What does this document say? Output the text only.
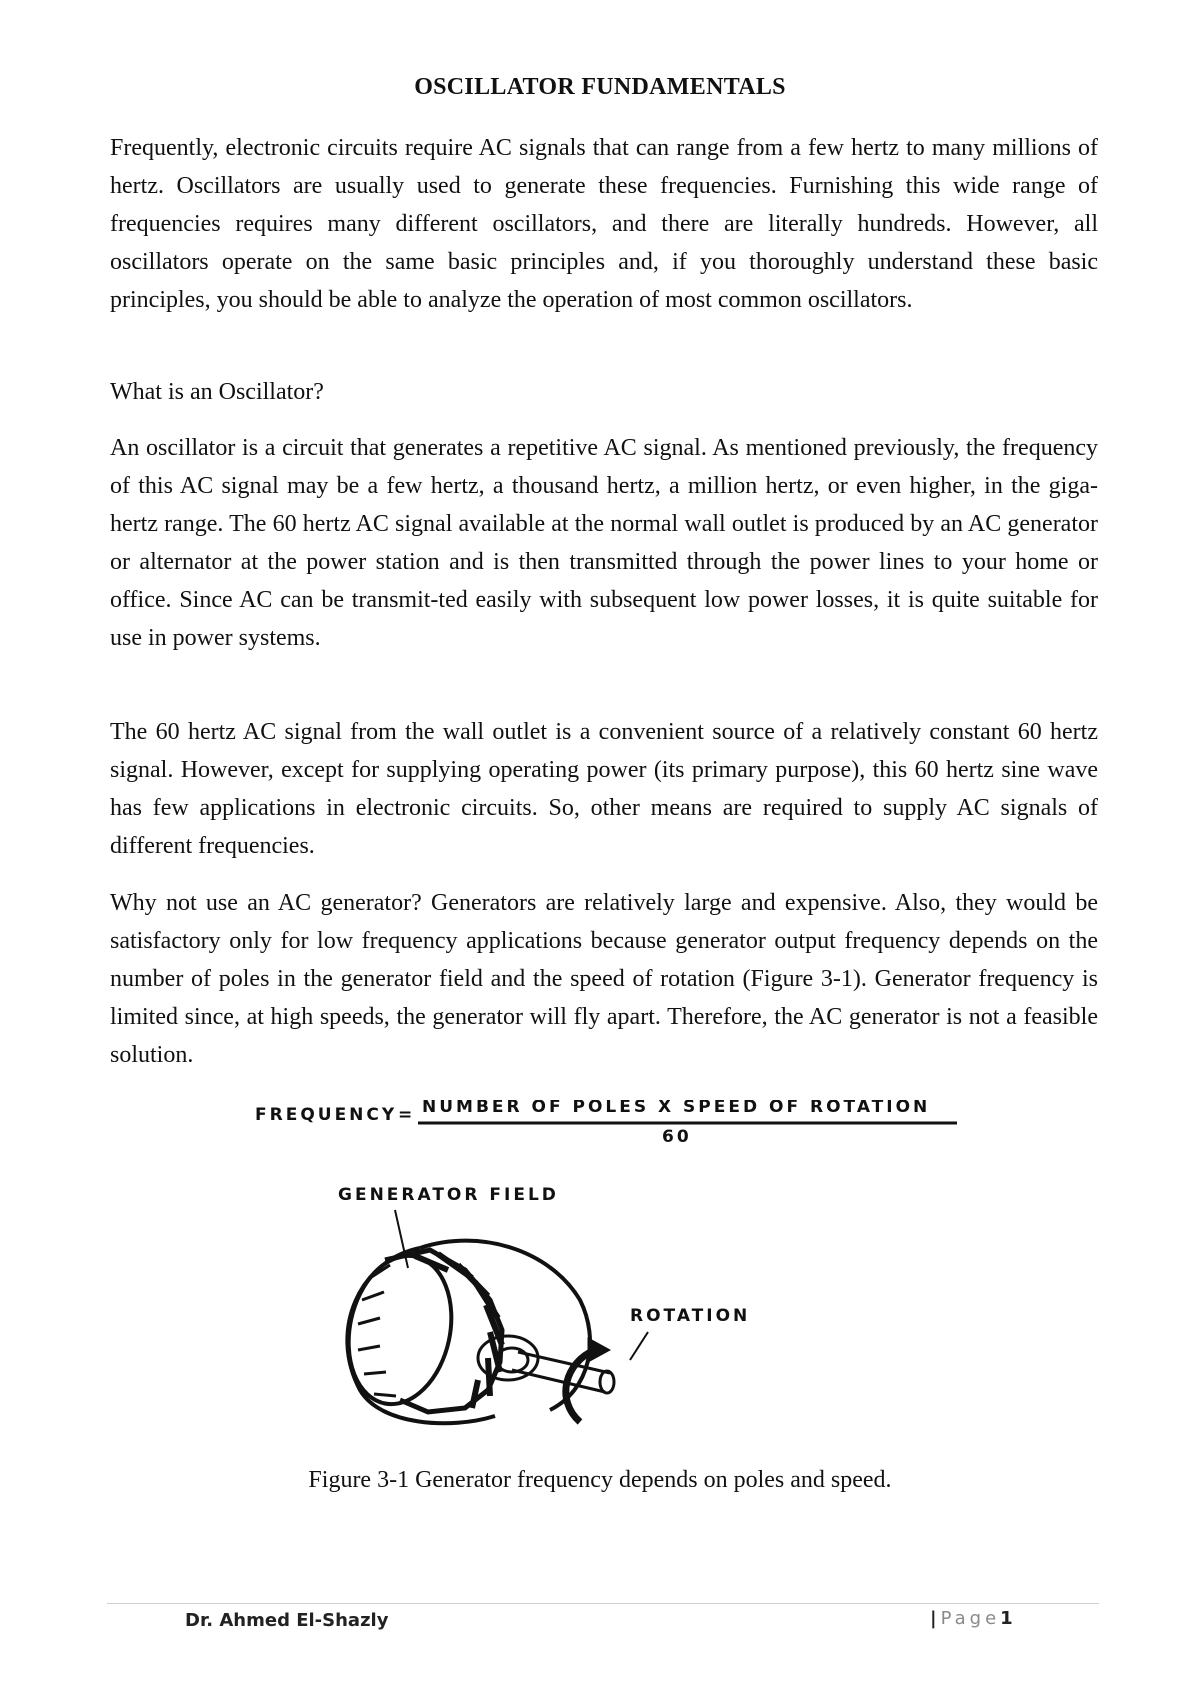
OSCILLATOR FUNDAMENTALS

Frequently, electronic circuits require AC signals that can range from a few hertz to many millions of hertz. Oscillators are usually used to generate these frequencies. Furnishing this wide range of frequencies requires many different oscillators, and there are literally hundreds. However, all oscillators operate on the same basic principles and, if you thoroughly understand these basic principles, you should be able to analyze the operation of most common oscillators.

What is an Oscillator?

An oscillator is a circuit that generates a repetitive AC signal. As mentioned previously, the frequency of this AC signal may be a few hertz, a thousand hertz, a million hertz, or even higher, in the giga-hertz range. The 60 hertz AC signal available at the normal wall outlet is produced by an AC generator or alternator at the power station and is then transmitted through the power lines to your home or office. Since AC can be transmit-ted easily with subsequent low power losses, it is quite suitable for use in power systems.

The 60 hertz AC signal from the wall outlet is a convenient source of a relatively constant 60 hertz signal. However, except for supplying operating power (its primary purpose), this 60 hertz sine wave has few applications in electronic circuits. So, other means are required to supply AC signals of different frequencies.

Why not use an AC generator? Generators are relatively large and expensive. Also, they would be satisfactory only for low frequency applications because generator output frequency depends on the number of poles in the generator field and the speed of rotation (Figure 3-1). Generator frequency is limited since, at high speeds, the generator will fly apart. Therefore, the AC generator is not a feasible solution.

FREQUENCY = NUMBER OF POLES X SPEED OF ROTATION
60
GENERATOR FIELD
ROTATION
Figure 3-1 Generator frequency depends on poles and speed.
Dr. Ahmed El-Shazly	| Page1
